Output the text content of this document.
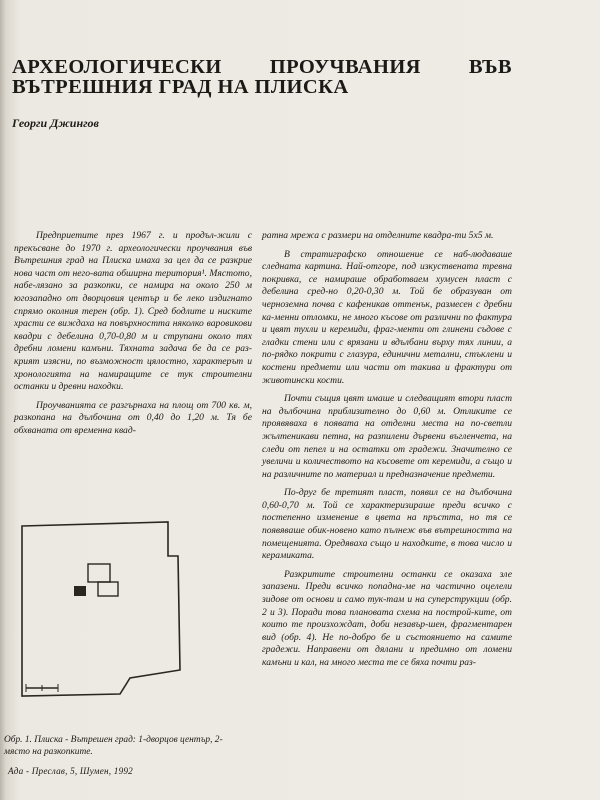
АРХЕОЛОГИЧЕСКИ ПРОУЧВАНИЯ ВЪВ
ВЪТРЕШНИЯ ГРАД НА ПЛИСКА
Георги Джингов

Предприетите през 1967 г. и продъл-жили с прекъсване до 1970 г. археологически проучвания във Вътрешния град на Плиска имаха за цел да се разкрие нова част от него-вата обширна територия¹. Мястото, набе-лязано за разкопки, се намира на около 250 м югозападно от дворцовия център и бе леко издигнато спрямо околния терен (обр. 1). Сред бодлите и ниските храсти се виждаха на повърхността няколко варовикови квадри с дебелина 0,70-0,80 м и струпани около тях дребни ломени камъни. Тяхната задача бе да се раз-крият изясни, по възможност цялостно, характерът и хронологията на намиращите се тук строителни останки и древни находки.

Проучванията се разгърнаха на площ от 700 кв. м, разкопана на дълбочина от 0,40 до 1,20 м. Тя бе обхваната от временна квад-

ратна мрежа с размери на отделните квадра-ти 5х5 м.

В стратиграфско отношение се наб-людаваше следната картина. Най-отгоре, под изкуствената тревна покривка, се намираше обработваем хумусен пласт с дебелина сред-но 0,20-0,30 м. Той бе образуван от черноземна почва с кафеникав оттенък, размесен с дребни ка-менни отломки, не много късове от различни по фактура и цвят тухли и керемиди, фраг-менти от глинени съдове с гладки стени или с врязани и вдълбани върху тях линии, а по-рядко покрити с глазура, единични метални, стъклени и костени предмети или части от такива и фрактури от животински кости.

Почти същия цвят имаше и следващият втори пласт на дълбочина приблизително до 0,60 м. Отликите се проявяваха в появата на отделни места на по-светли жълтеникави петна, на разпилени дървени въгленчета, на следи от пепел и на остатки от градежи. Значително се увеличи и количеството на късовете от керемиди, а също и на различните по материал и предназначение предмети.

По-друг бе третият пласт, появил се на дълбочина 0,60-0,70 м. Той се характеризираше преди всичко с постепенно изменение в цвета на пръстта, но тя се появяваше обик-новено като пълнеж във вътрешността на помещенията. Оредяваха също и находките, в това число и керамиката.

Разкритите строителни останки се оказаха зле запазени. Преди всичко попадна-ме на частично оцелели зидове от основи и само тук-там и на суперструкции (обр. 2 и 3). Поради това плановата схема на построй-ките, от които те произхождат, доби незавър-шен, фрагментарен вид (обр. 4). Не по-добро бе и състоянието на самите градежи. Направени от дялани и предимно от ломени камъни и кал, на много места те се бяха почти раз-

Обр. 1. Плиска - Вътрешен град: 1-дворцов център, 2-място на разкопките.
Ада - Преслав, 5, Шумен, 1992
